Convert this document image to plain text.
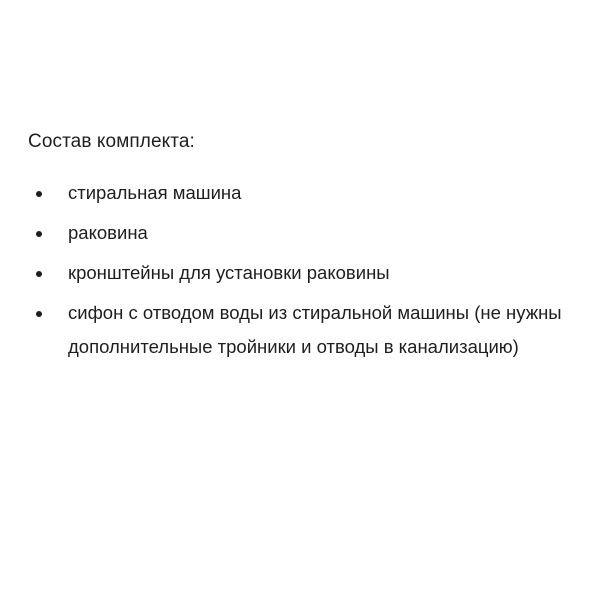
Состав комплекта:
стиральная машина
раковина
кронштейны для установки раковины
сифон с отводом воды из стиральной машины (не нужны дополнительные тройники и отводы в канализацию)
